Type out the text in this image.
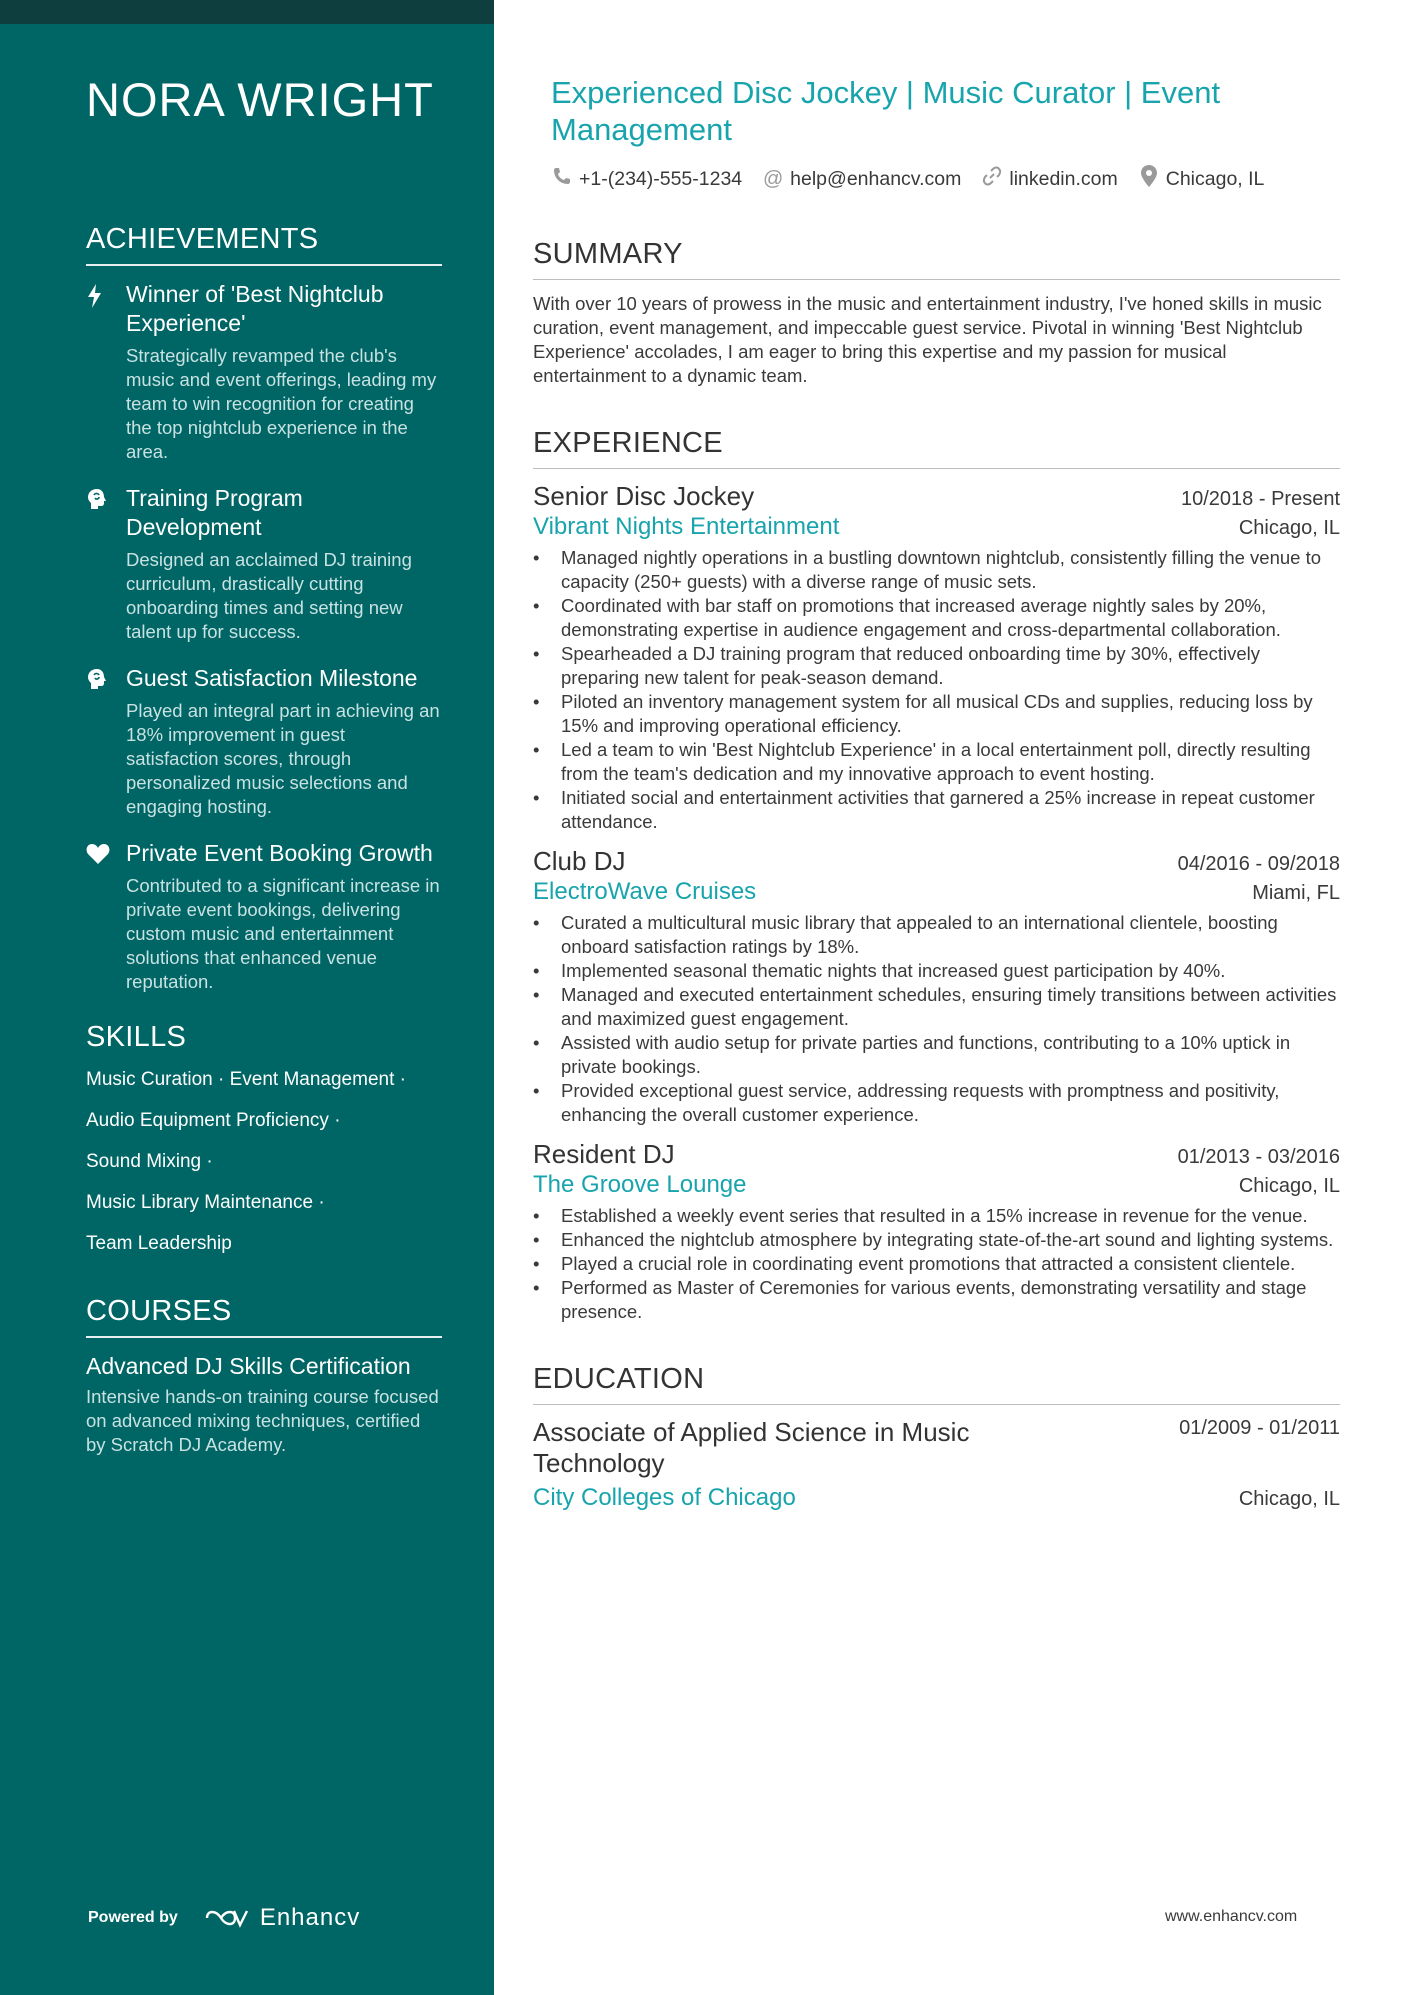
NORA WRIGHT
ACHIEVEMENTS
Winner of 'Best Nightclub Experience'
Strategically revamped the club's music and event offerings, leading my team to win recognition for creating the top nightclub experience in the area.
Training Program Development
Designed an acclaimed DJ training curriculum, drastically cutting onboarding times and setting new talent up for success.
Guest Satisfaction Milestone
Played an integral part in achieving an 18% improvement in guest satisfaction scores, through personalized music selections and engaging hosting.
Private Event Booking Growth
Contributed to a significant increase in private event bookings, delivering custom music and entertainment solutions that enhanced venue reputation.
SKILLS
Music Curation · Event Management ·
Audio Equipment Proficiency ·
Sound Mixing ·
Music Library Maintenance ·
Team Leadership
COURSES
Advanced DJ Skills Certification
Intensive hands-on training course focused on advanced mixing techniques, certified by Scratch DJ Academy.
Powered by	Enhancv
Experienced Disc Jockey | Music Curator | Event Management
+1-(234)-555-1234 @ help@enhancv.com linkedin.com Chicago, IL
SUMMARY
With over 10 years of prowess in the music and entertainment industry, I've honed skills in music curation, event management, and impeccable guest service. Pivotal in winning 'Best Nightclub Experience' accolades, I am eager to bring this expertise and my passion for musical entertainment to a dynamic team.
EXPERIENCE
Senior Disc Jockey	10/2018 - Present
Vibrant Nights Entertainment	Chicago, IL
• Managed nightly operations in a bustling downtown nightclub, consistently filling the venue to capacity (250+ guests) with a diverse range of music sets.
• Coordinated with bar staff on promotions that increased average nightly sales by 20%, demonstrating expertise in audience engagement and cross-departmental collaboration.
• Spearheaded a DJ training program that reduced onboarding time by 30%, effectively preparing new talent for peak-season demand.
• Piloted an inventory management system for all musical CDs and supplies, reducing loss by 15% and improving operational efficiency.
• Led a team to win 'Best Nightclub Experience' in a local entertainment poll, directly resulting from the team's dedication and my innovative approach to event hosting.
• Initiated social and entertainment activities that garnered a 25% increase in repeat customer attendance.
Club DJ	04/2016 - 09/2018
ElectroWave Cruises	Miami, FL
• Curated a multicultural music library that appealed to an international clientele, boosting onboard satisfaction ratings by 18%.
• Implemented seasonal thematic nights that increased guest participation by 40%.
• Managed and executed entertainment schedules, ensuring timely transitions between activities and maximized guest engagement.
• Assisted with audio setup for private parties and functions, contributing to a 10% uptick in private bookings.
• Provided exceptional guest service, addressing requests with promptness and positivity, enhancing the overall customer experience.
Resident DJ	01/2013 - 03/2016
The Groove Lounge	Chicago, IL
• Established a weekly event series that resulted in a 15% increase in revenue for the venue.
• Enhanced the nightclub atmosphere by integrating state-of-the-art sound and lighting systems.
• Played a crucial role in coordinating event promotions that attracted a consistent clientele.
• Performed as Master of Ceremonies for various events, demonstrating versatility and stage presence.
EDUCATION
Associate of Applied Science in Music Technology
01/2009 - 01/2011
City Colleges of Chicago	Chicago, IL
www.enhancv.com
